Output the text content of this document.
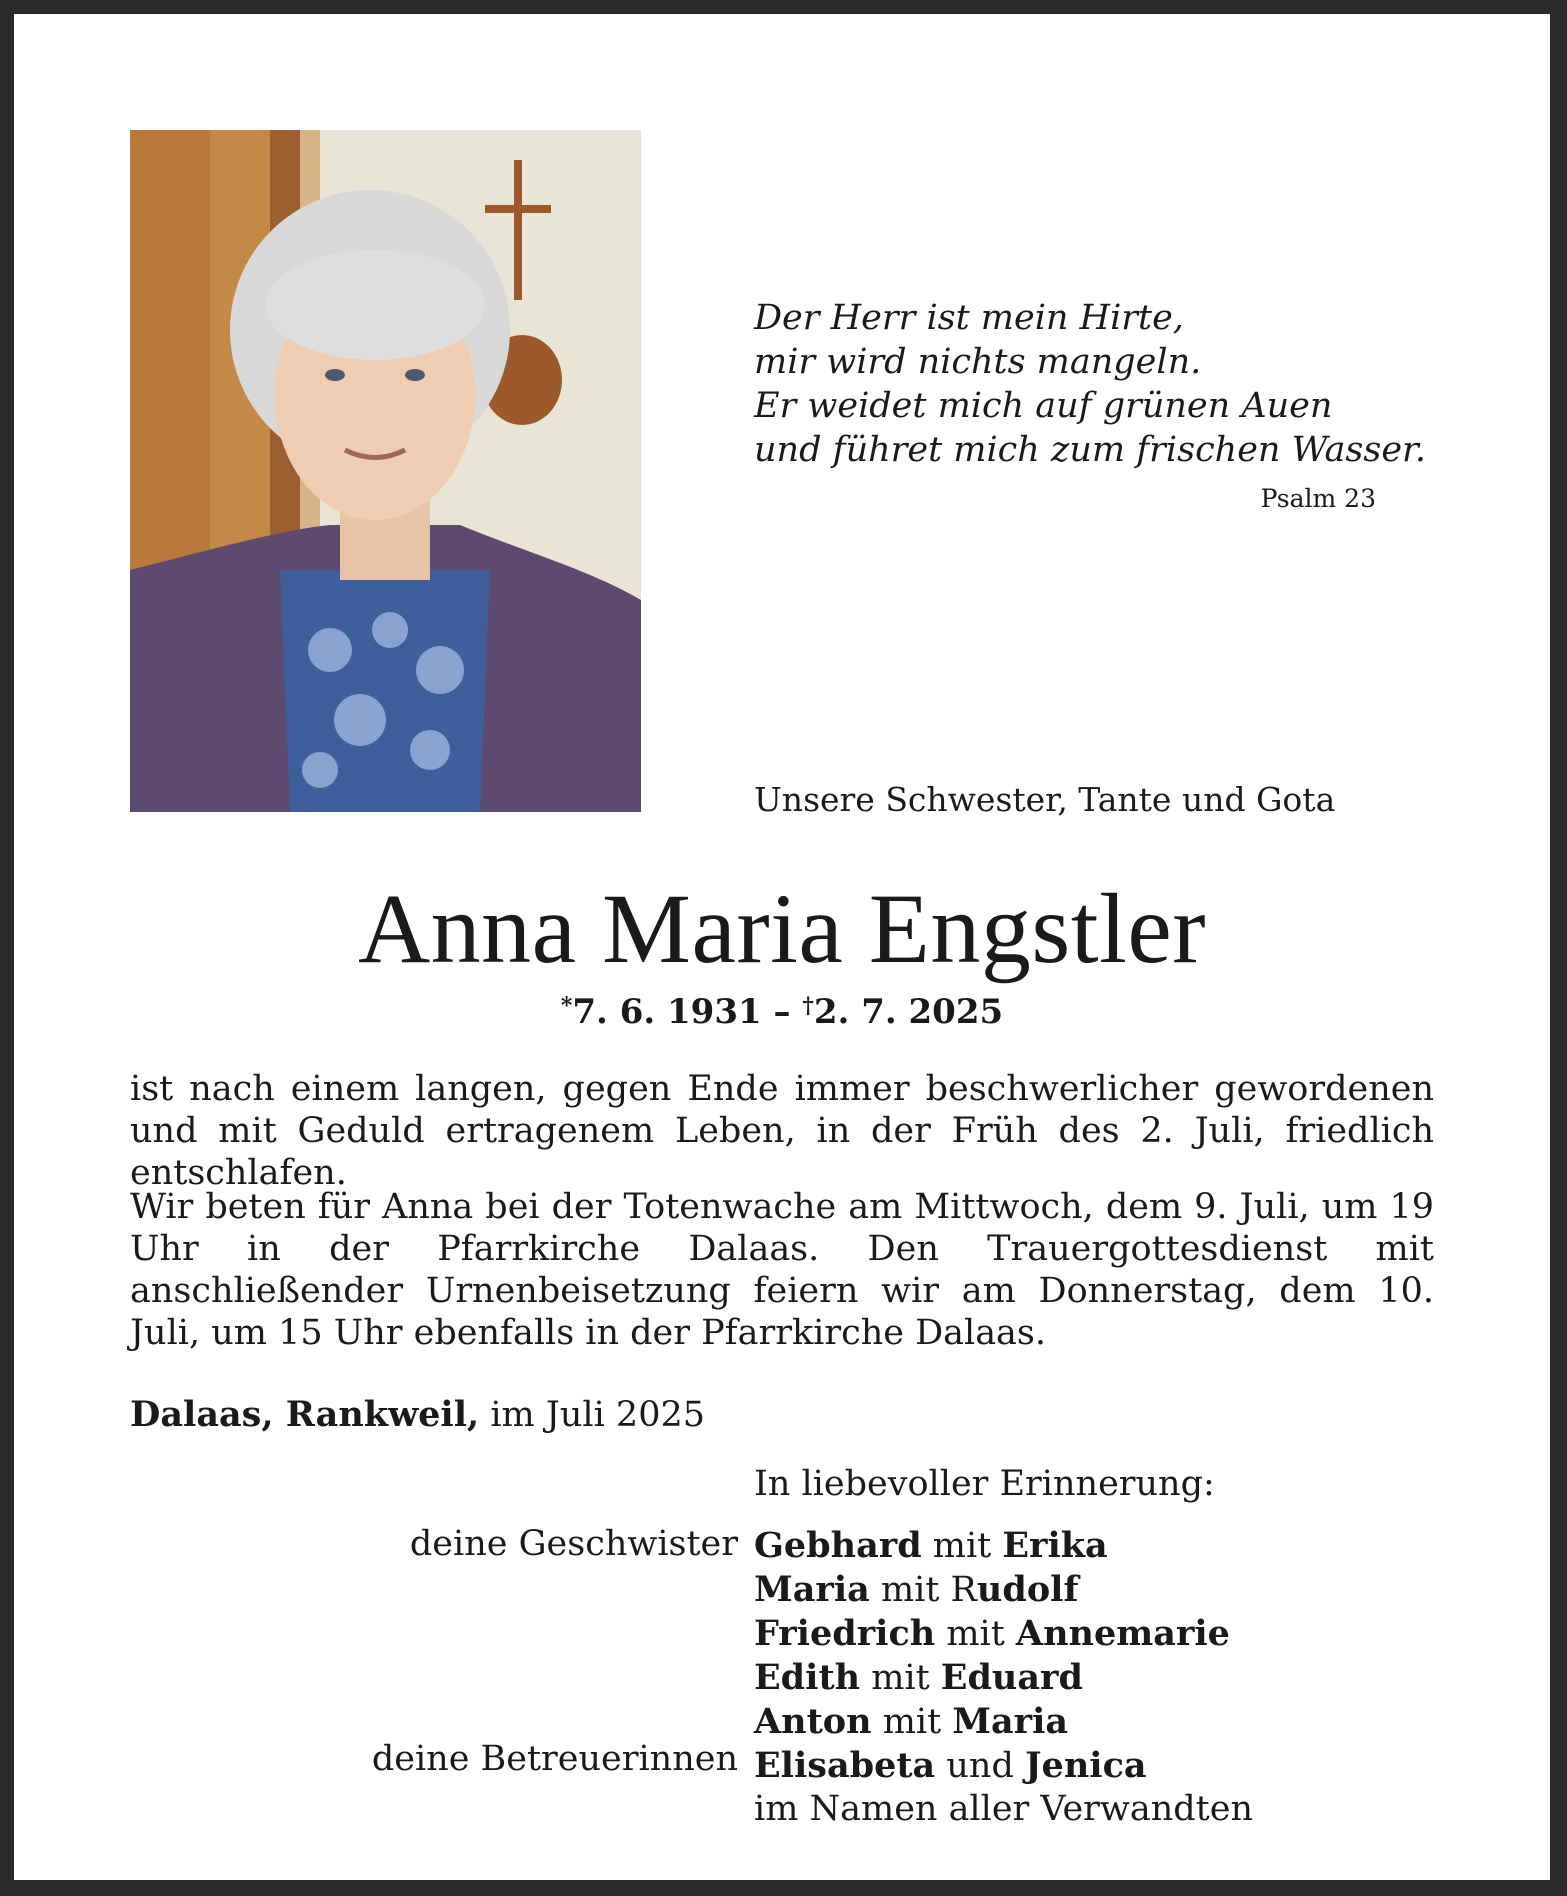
Der Herr ist mein Hirte,
mir wird nichts mangeln.
Er weidet mich auf grünen Auen
und führet mich zum frischen Wasser.
Psalm 23
Unsere Schwester, Tante und Gota
Anna Maria Engstler
*7. 6. 1931 – †2. 7. 2025
ist nach einem langen, gegen Ende immer beschwerlicher gewordenen und mit Geduld ertragenem Leben, in der Früh des 2. Juli, friedlich entschlafen.
Wir beten für Anna bei der Totenwache am Mittwoch, dem 9. Juli, um 19 Uhr in der Pfarrkirche Dalaas. Den Trauergottesdienst mit anschließender Urnenbeisetzung feiern wir am Donnerstag, dem 10. Juli, um 15 Uhr ebenfalls in der Pfarrkirche Dalaas.
Dalaas, Rankweil, im Juli 2025
In liebevoller Erinnerung:
deine Geschwister
deine Betreuerinnen
Gebhard mit Erika
Maria mit Rudolf
Friedrich mit Annemarie
Edith mit Eduard
Anton mit Maria
Elisabeta und Jenica
im Namen aller Verwandten
